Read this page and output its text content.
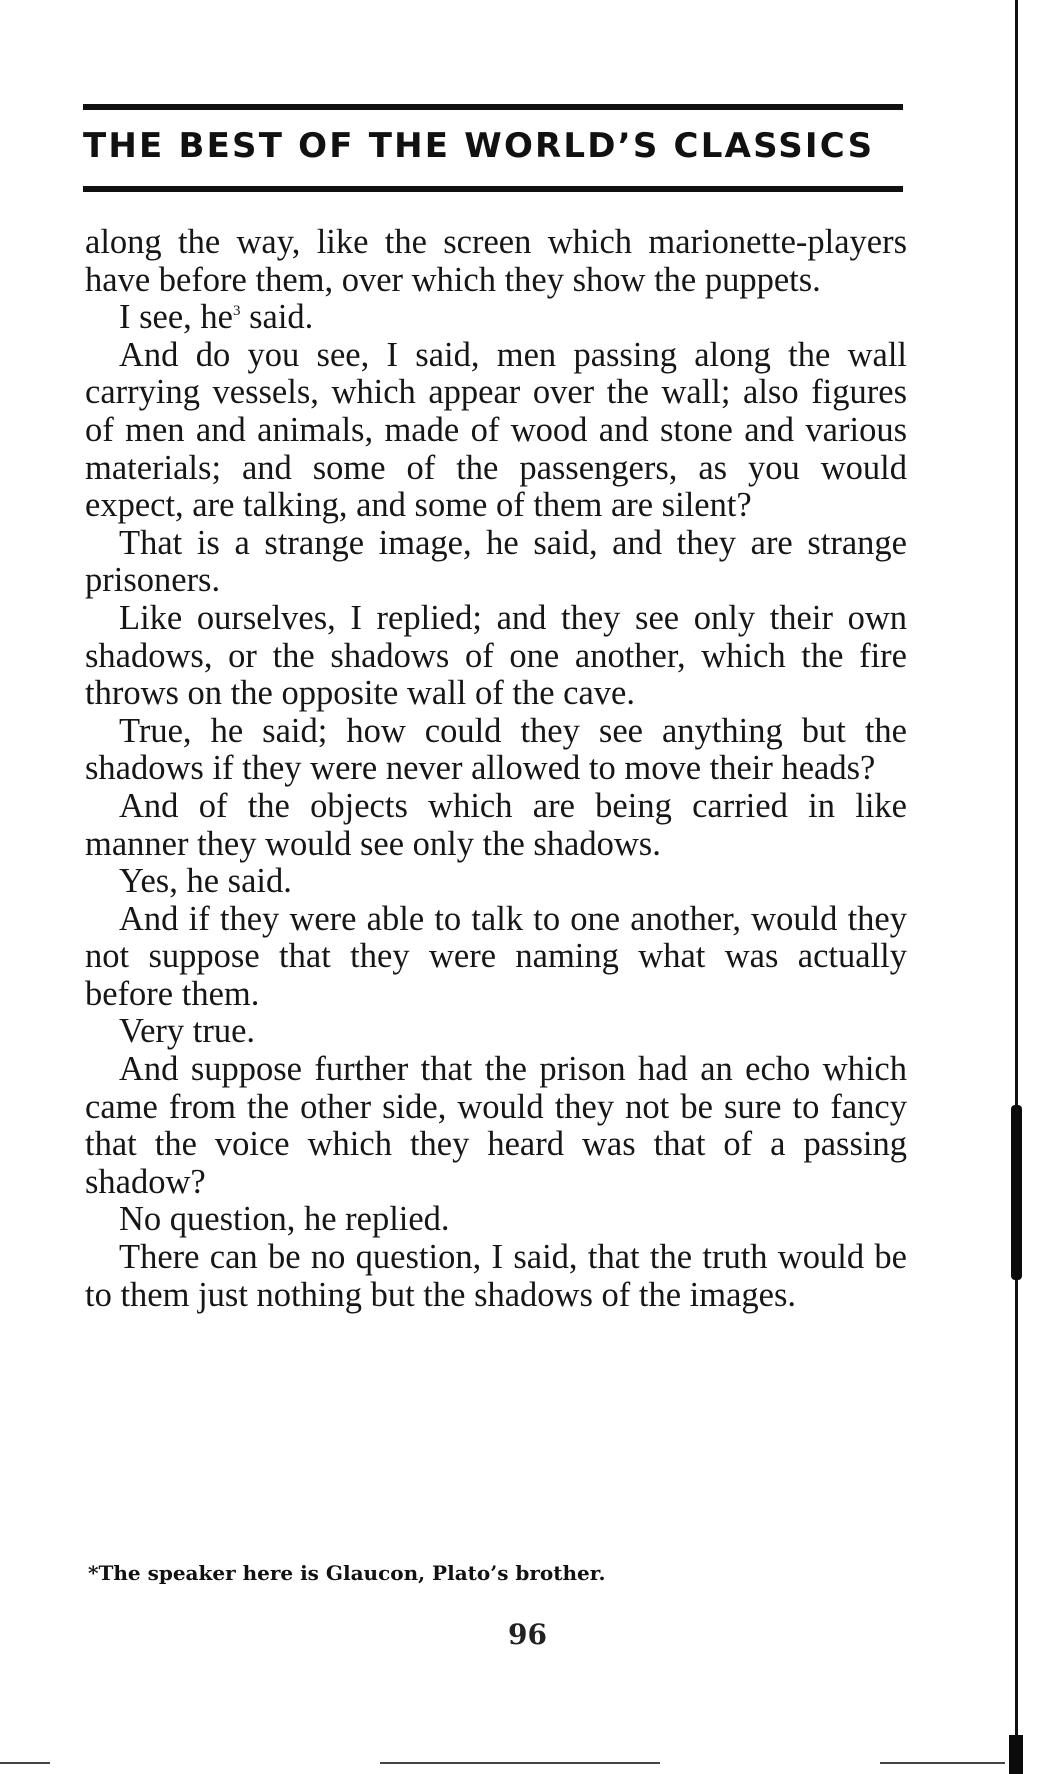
THE BEST OF THE WORLD’S CLASSICS

along the way, like the screen which marionette-players have before them, over which they show the puppets.

I see, $he^3$ said.

And do you see, I said, men passing along the wall carrying vessels, which appear over the wall; also figures of men and animals, made of wood and stone and various materials; and some of the passengers, as you would expect, are talking, and some of them are silent?

That is a strange image, he said, and they are strange prisoners.

Like ourselves, I replied; and they see only their own shadows, or the shadows of one another, which the fire throws on the opposite wall of the cave.

True, he said; how could they see anything but the shadows if they were never allowed to move their heads?

And of the objects which are being carried in like manner they would see only the shadows.

Yes, he said.

And if they were able to talk to one another, would they not suppose that they were naming what was actually before them.

Very true.

And suppose further that the prison had an echo which came from the other side, would they not be sure to fancy that the voice which they heard was that of a passing shadow?

No question, he replied.

There can be no question, I said, that the truth would be to them just nothing but the shadows of the images.

*The speaker here is Glaucon, Plato’s brother.
96
